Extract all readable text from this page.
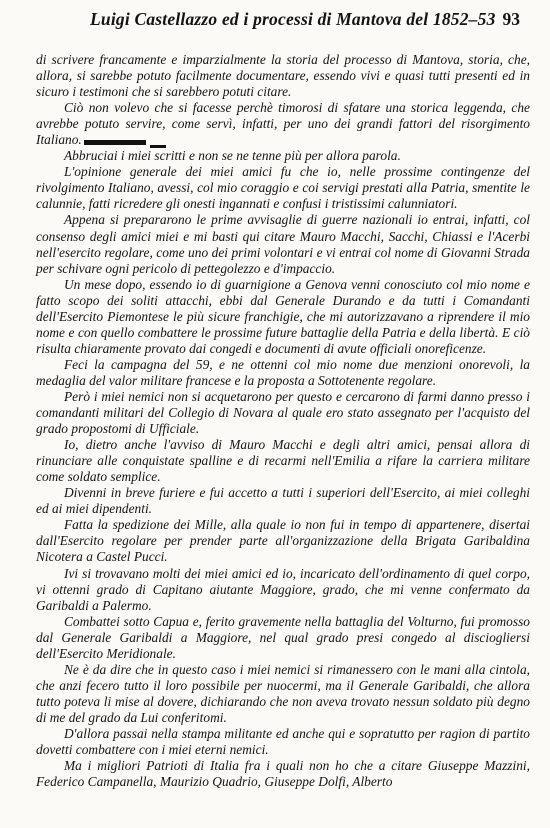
Luigi Castellazzo ed i processi di Mantova del 1852–53 93

di scrivere francamente e imparzialmente la storia del processo di Mantova, storia, che, allora, si sarebbe potuto facilmente documentare, essendo vivi e quasi tutti presenti ed in sicuro i testimoni che si sarebbero potuti citare.

Ciò non volevo che si facesse perchè timorosi di sfatare una storica leggenda, che avrebbe potuto servire, come servì, infatti, per uno dei grandi fattori del risorgimento Italiano.

Abbruciai i miei scritti e non se ne tenne più per allora parola.

L'opinione generale dei miei amici fu che io, nelle prossime contingenze del rivolgimento Italiano, avessi, col mio coraggio e coi servigi prestati alla Patria, smentite le calunnie, fatti ricredere gli onesti ingannati e confusi i tristissimi calunniatori.

Appena si prepararono le prime avvisaglie di guerre nazionali io entrai, infatti, col consenso degli amici miei e mi basti qui citare Mauro Macchi, Sacchi, Chiassi e l'Acerbi nell'esercito regolare, come uno dei primi volontari e vi entrai col nome di Giovanni Strada per schivare ogni pericolo di pettegolezzo e d'impaccio.

Un mese dopo, essendo io di guarnigione a Genova venni conosciuto col mio nome e fatto scopo dei soliti attacchi, ebbi dal Generale Durando e da tutti i Comandanti dell'Esercito Piemontese le più sicure franchigie, che mi autorizzavano a riprendere il mio nome e con quello combattere le prossime future battaglie della Patria e della libertà. E ciò risulta chiaramente provato dai congedi e documenti di avute officiali onoreficenze.

Feci la campagna del 59, e ne ottenni col mio nome due menzioni onorevoli, la medaglia del valor militare francese e la proposta a Sottotenente regolare.

Però i miei nemici non si acquetarono per questo e cercarono di farmi danno presso i comandanti militari del Collegio di Novara al quale ero stato assegnato per l'acquisto del grado propostomi di Ufficiale.

Io, dietro anche l'avviso di Mauro Macchi e degli altri amici, pensai allora di rinunciare alle conquistate spalline e di recarmi nell'Emilia a rifare la carriera militare come soldato semplice.

Divenni in breve furiere e fui accetto a tutti i superiori dell'Esercito, ai miei colleghi ed ai miei dipendenti.

Fatta la spedizione dei Mille, alla quale io non fui in tempo di appartenere, disertai dall'Esercito regolare per prender parte all'organizzazione della Brigata Garibaldina Nicotera a Castel Pucci.

Ivi si trovavano molti dei miei amici ed io, incaricato dell'ordinamento di quel corpo, vi ottenni grado di Capitano aiutante Maggiore, grado, che mi venne confermato da Garibaldi a Palermo.

Combattei sotto Capua e, ferito gravemente nella battaglia del Volturno, fui promosso dal Generale Garibaldi a Maggiore, nel qual grado presi congedo al disciogliersi dell'Esercito Meridionale.

Ne è da dire che in questo caso i miei nemici si rimanessero con le mani alla cintola, che anzi fecero tutto il loro possibile per nuocermi, ma il Generale Garibaldi, che allora tutto poteva li mise al dovere, dichiarando che non aveva trovato nessun soldato più degno di me del grado da Lui conferitomi.

D'allora passai nella stampa militante ed anche qui e sopratutto per ragion di partito dovetti combattere con i miei eterni nemici.

Ma i migliori Patrioti di Italia fra i quali non ho che a citare Giuseppe Mazzini, Federico Campanella, Maurizio Quadrio, Giuseppe Dolfi, Alberto
